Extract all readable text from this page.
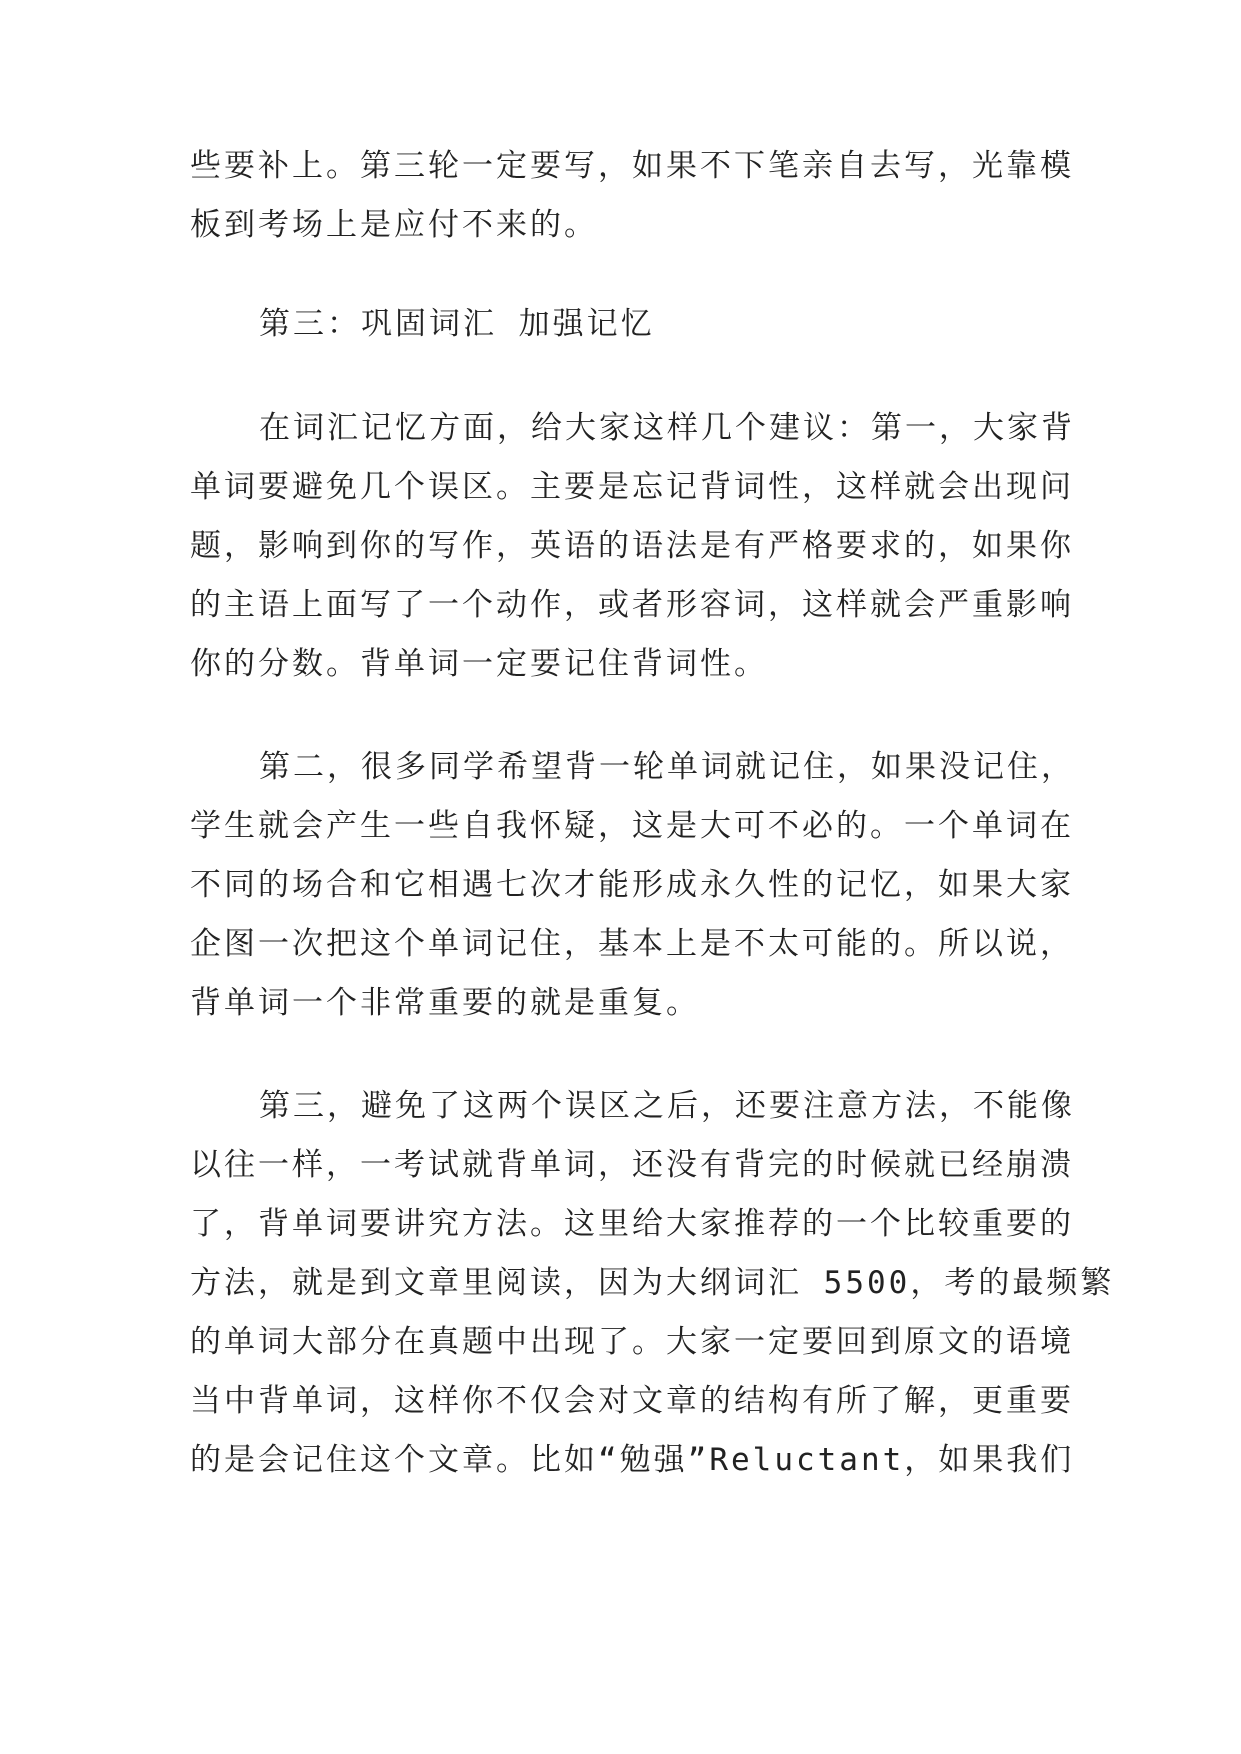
些要补上。第三轮一定要写，如果不下笔亲自去写，光靠模
板到考场上是应付不来的。
第三：巩固词汇 加强记忆
在词汇记忆方面，给大家这样几个建议：第一，大家背
单词要避免几个误区。主要是忘记背词性，这样就会出现问
题，影响到你的写作，英语的语法是有严格要求的，如果你
的主语上面写了一个动作，或者形容词，这样就会严重影响
你的分数。背单词一定要记住背词性。
第二，很多同学希望背一轮单词就记住，如果没记住，
学生就会产生一些自我怀疑，这是大可不必的。一个单词在
不同的场合和它相遇七次才能形成永久性的记忆，如果大家
企图一次把这个单词记住，基本上是不太可能的。所以说，
背单词一个非常重要的就是重复。
第三，避免了这两个误区之后，还要注意方法，不能像
以往一样，一考试就背单词，还没有背完的时候就已经崩溃
了，背单词要讲究方法。这里给大家推荐的一个比较重要的
方法，就是到文章里阅读，因为大纲词汇 5500，考的最频繁
的单词大部分在真题中出现了。大家一定要回到原文的语境
当中背单词，这样你不仅会对文章的结构有所了解，更重要
的是会记住这个文章。比如“勉强”Reluctant，如果我们
